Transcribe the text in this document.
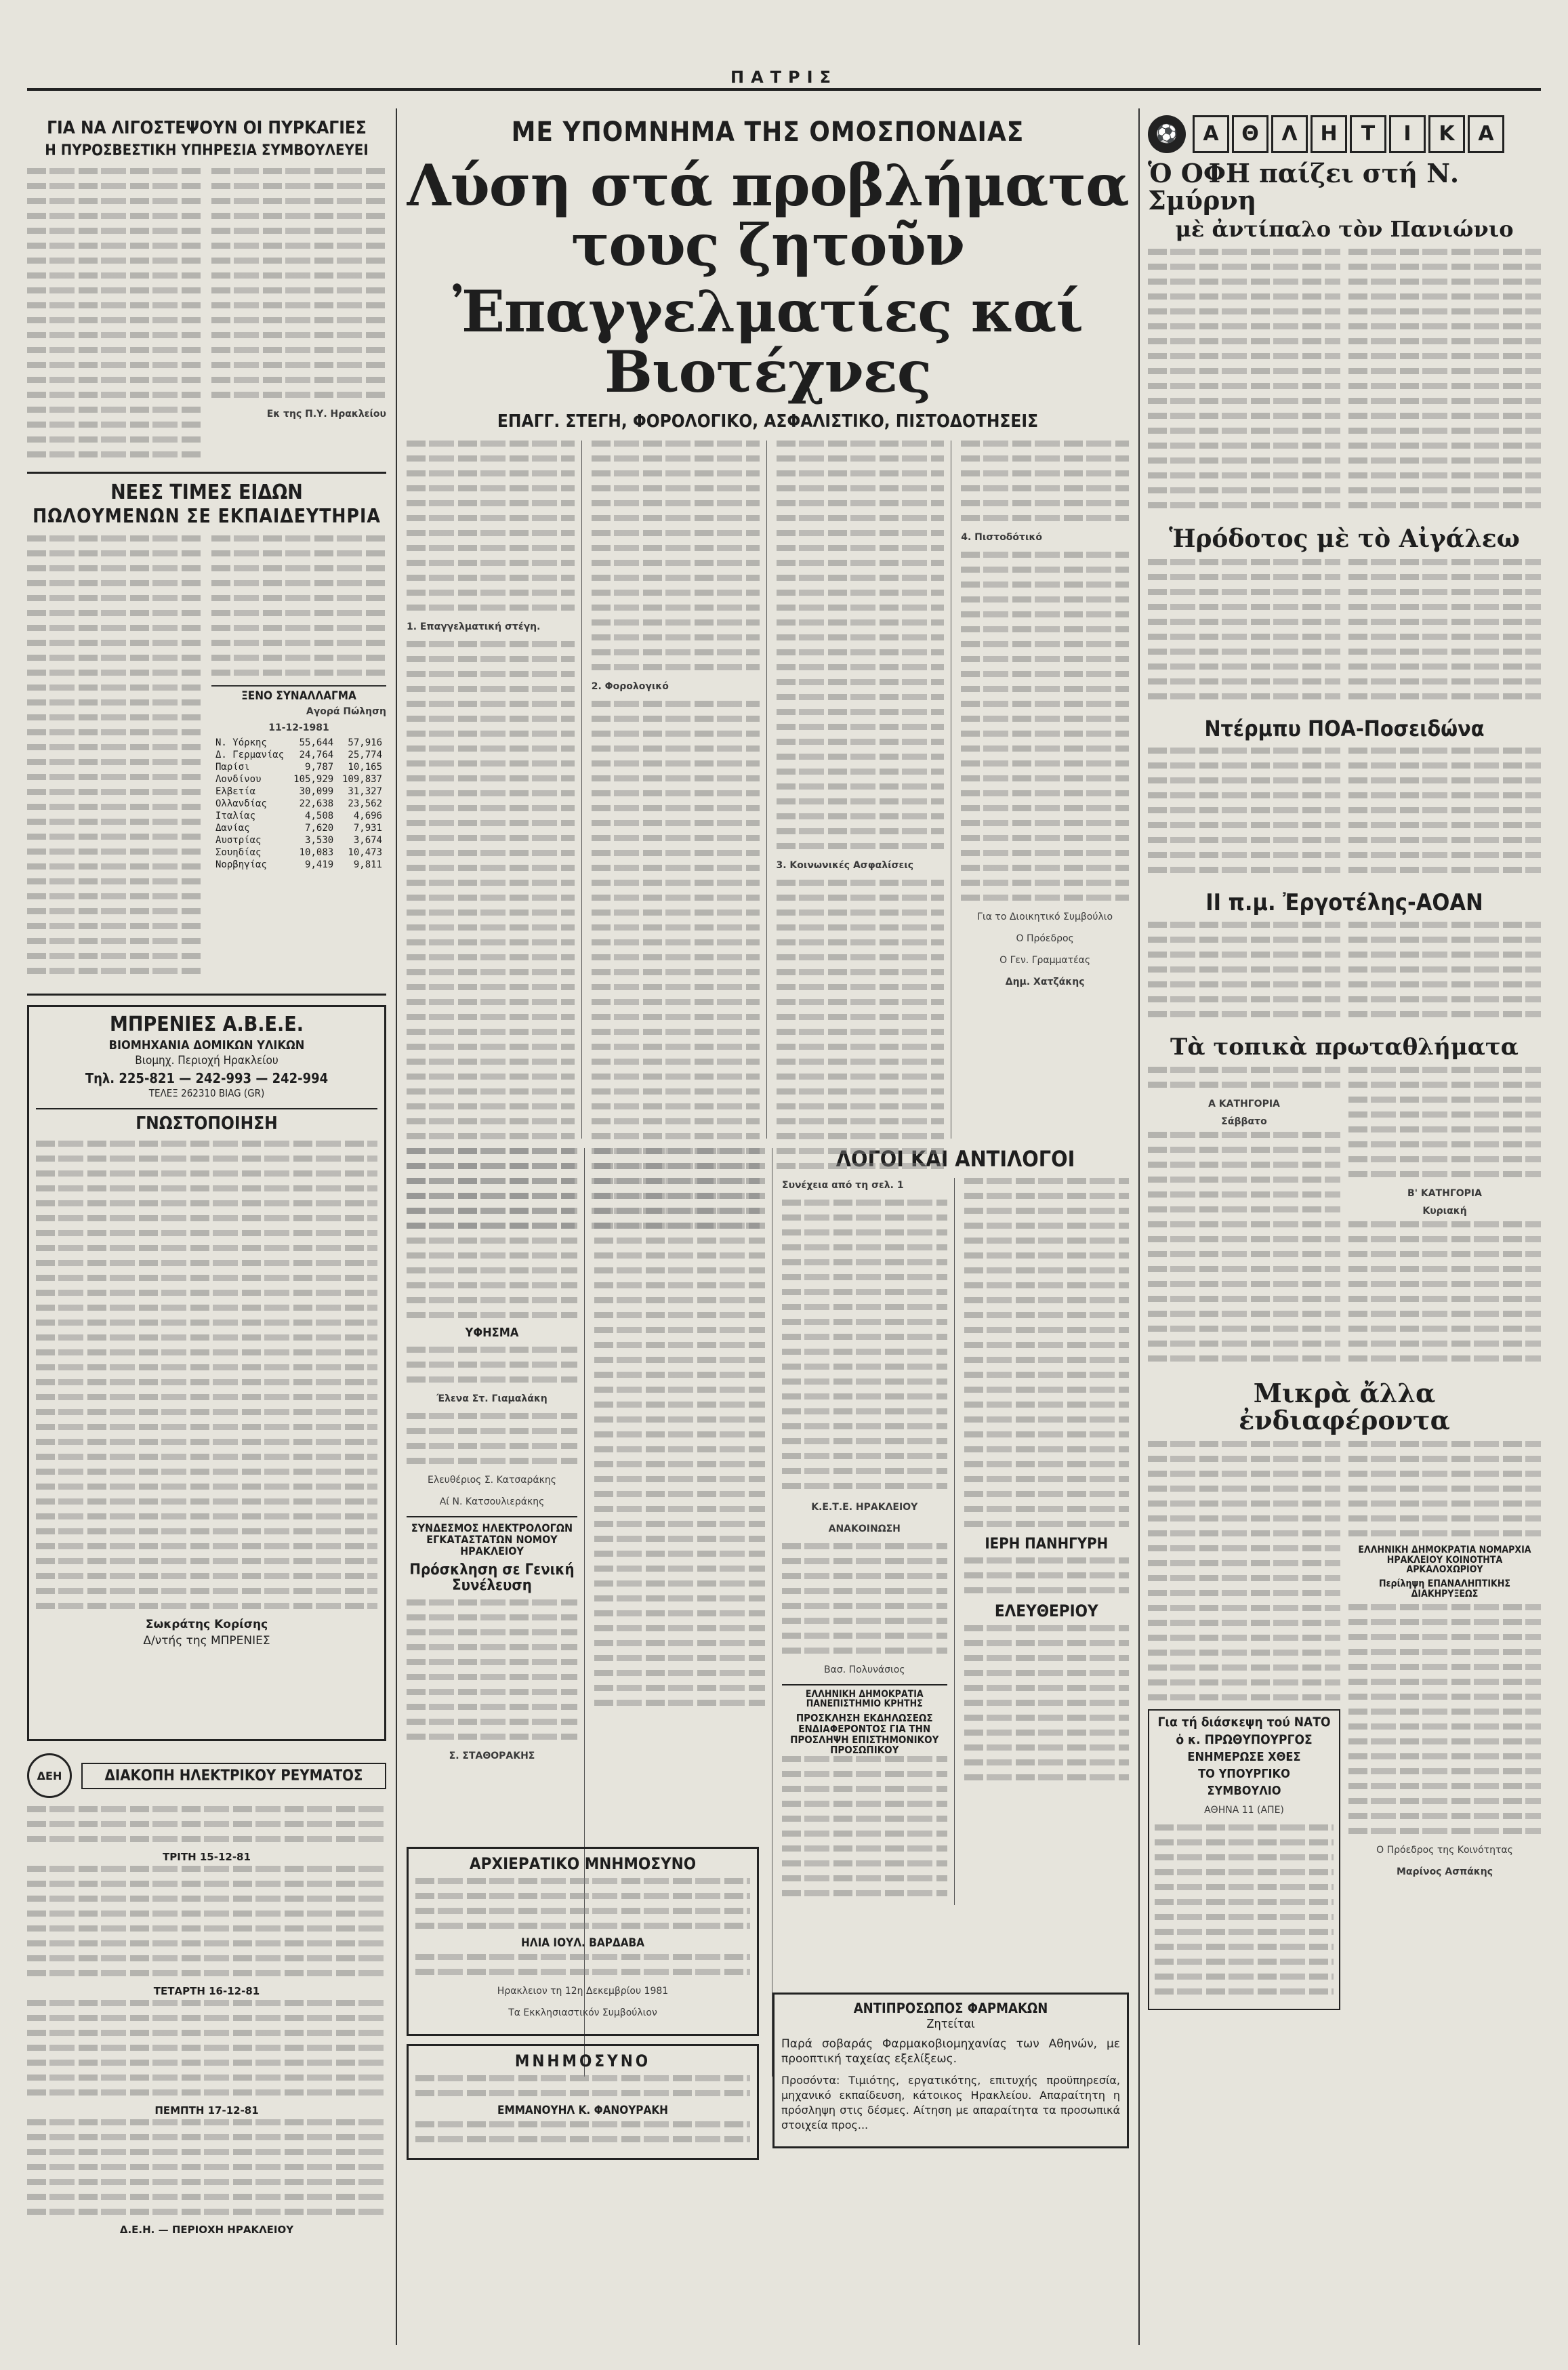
ΠΑΤΡΙΣ

ΓΙΑ ΝΑ ΛΙΓΟΣΤΕΨΟΥΝ ΟΙ ΠΥΡΚΑΓΙΕΣ

Η ΠΥΡΟΣΒΕΣΤΙΚΗ ΥΠΗΡΕΣΙΑ ΣΥΜΒΟΥΛΕΥΕΙ

Εκ της Π.Υ. Ηρακλείου

ΝΕΕΣ ΤΙΜΕΣ ΕΙΔΩΝ

ΠΩΛΟΥΜΕΝΩΝ ΣΕ ΕΚΠΑΙΔΕΥΤΗΡΙΑ

ΞΕΝΟ ΣΥΝΑΛΛΑΓΜΑ

Αγορά Πώληση

11-12-1981

Ν. Υόρκης	55,644	57,916
Δ. Γερμανίας	24,764	25,774
Παρίσι	9,787	10,165
Λονδίνου	105,929	109,837
Ελβετία	30,099	31,327
Ολλανδίας	22,638	23,562
Ιταλίας	4,508	4,696
Δανίας	7,620	7,931
Αυστρίας	3,530	3,674
Σουηδίας	10,083	10,473
Νορβηγίας	9,419	9,811

ΜΠΡΕΝΙΕΣ Α.Β.Ε.Ε.

ΒΙΟΜΗΧΑΝΙΑ ΔΟΜΙΚΩΝ ΥΛΙΚΩΝ

Βιομηχ. Περιοχή Ηρακλείου

Τηλ. 225-821 — 242-993 — 242-994

ΤΕΛΕΞ 262310 BIAG (GR)

ΓΝΩΣΤΟΠΟΙΗΣΗ

Σωκράτης Κορίσης

Δ/ντής της ΜΠΡΕΝΙΕΣ

ΔΕΗ	ΔΙΑΚΟΠΗ ΗΛΕΚΤΡΙΚΟΥ ΡΕΥΜΑΤΟΣ

ΤΡΙΤΗ 15-12-81

ΤΕΤΑΡΤΗ 16-12-81

ΠΕΜΠΤΗ 17-12-81

Δ.Ε.Η. — ΠΕΡΙΟΧΗ ΗΡΑΚΛΕΙΟΥ

ΜΕ ΥΠΟΜΝΗΜΑ ΤΗΣ ΟΜΟΣΠΟΝΔΙΑΣ

Λύση στά προβλήματα τους ζητοῦν

Ἐπαγγελματίες καί Βιοτέχνες

ΕΠΑΓΓ. ΣΤΕΓΗ, ΦΟΡΟΛΟΓΙΚΟ, ΑΣΦΑΛΙΣΤΙΚΟ, ΠΙΣΤΟΔΟΤΗΣΕΙΣ

1. Επαγγελματική στέγη.

2. Φορολογικό

3. Κοινωνικές Ασφαλίσεις

4. Πιστοδότικό

Για το Διοικητικό Συμβούλιο

Ο Πρόεδρος

Ο Γεν. Γραμματέας

Δημ. Χατζάκης

ΥΦΗΣΜΑ

Έλενα Στ. Γιαμαλάκη

Ελευθέριος Σ. Κατσαράκης

Αί Ν. Κατσουλιεράκης

ΣΥΝΔΕΣΜΟΣ ΗΛΕΚΤΡΟΛΟΓΩΝ ΕΓΚΑΤΑΣΤΑΤΩΝ ΝΟΜΟΥ ΗΡΑΚΛΕΙΟΥ

Πρόσκληση σε Γενική Συνέλευση

Σ. ΣΤΑΘΟΡΑΚΗΣ

ΛΟΓΟΙ ΚΑΙ ΑΝΤΙΛΟΓΟΙ

Συνέχεια από τη σελ. 1

Κ.Ε.Τ.Ε. ΗΡΑΚΛΕΙΟΥ

ΑΝΑΚΟΙΝΩΣΗ

Βασ. Πολυνάσιος

ΕΛΛΗΝΙΚΗ ΔΗΜΟΚΡΑΤΙΑ ΠΑΝΕΠΙΣΤΗΜΙΟ ΚΡΗΤΗΣ

ΠΡΟΣΚΛΗΣΗ ΕΚΔΗΛΩΣΕΩΣ ΕΝΔΙΑΦΕΡΟΝΤΟΣ ΓΙΑ ΤΗΝ ΠΡΟΣΛΗΨΗ ΕΠΙΣΤΗΜΟΝΙΚΟΥ ΠΡΟΣΩΠΙΚΟΥ

ΙΕΡΗ ΠΑΝΗΓΥΡΗ

ΕΛΕΥΘΕΡΙΟΥ

ΑΡΧΙΕΡΑΤΙΚΟ ΜΝΗΜΟΣΥΝΟ

ΗΛΙΑ ΙΟΥΛ. ΒΑΡΔΑΒΑ

Ηρακλειον τη 12η Δεκεμβρίου 1981

Τα Εκκλησιαστικόν Συμβούλιον

ΜΝΗΜΟΣΥΝΟ

ΕΜΜΑΝΟΥΗΛ Κ. ΦΑΝΟΥΡΑΚΗ

ΑΝΤΙΠΡΟΣΩΠΟΣ ΦΑΡΜΑΚΩΝ

Ζητείται

Παρά σοβαράς Φαρμακοβιομηχανίας των Αθηνών, με προοπτική ταχείας εξελίξεως.

Προσόντα: Τιμιότης, εργατικότης, επιτυχής προϋπηρεσία, μηχανικό εκπαίδευση, κάτοικος Ηρακλείου. Απαραίτητη η πρόσληψη στις δέσμες. Αίτηση με απαραίτητα τα προσωπικά στοιχεία προς...

⚽	Α	Θ	Λ	Η	Τ	Ι	Κ	Α

Ὁ ΟΦΗ παίζει στή Ν. Σμύρνη

μὲ ἀντίπαλο τὸν Πανιώνιο

Ἡρόδοτος μὲ τὸ Αἰγάλεω

Ντέρμπυ ΠΟΑ-Ποσειδώνα

ΙΙ π.μ. Ἐργοτέλης-ΑΟΑΝ

Τὰ τοπικὰ πρωταθλήματα

Α ΚΑΤΗΓΟΡΙΑ

Σάββατο

Β' ΚΑΤΗΓΟΡΙΑ

Κυριακή

Μικρὰ ἄλλα ἐνδιαφέροντα

Για τή διάσκεψη τού ΝΑΤΟ

ὁ κ. ΠΡΩΘΥΠΟΥΡΓΟΣ

ΕΝΗΜΕΡΩΣΕ ΧΘΕΣ

ΤΟ ΥΠΟΥΡΓΙΚΟ

ΣΥΜΒΟΥΛΙΟ

ΑΘΗΝΑ 11 (ΑΠΕ)

ΕΛΛΗΝΙΚΗ ΔΗΜΟΚΡΑΤΙΑ ΝΟΜΑΡΧΙΑ ΗΡΑΚΛΕΙΟΥ ΚΟΙΝΟΤΗΤΑ ΑΡΚΑΛΟΧΩΡΙΟΥ

Περίληψη ΕΠΑΝΑΛΗΠΤΙΚΗΣ ΔΙΑΚΗΡΥΞΕΩΣ

Ο Πρόεδρος της Κοινότητας

Μαρίνος Ασπάκης
